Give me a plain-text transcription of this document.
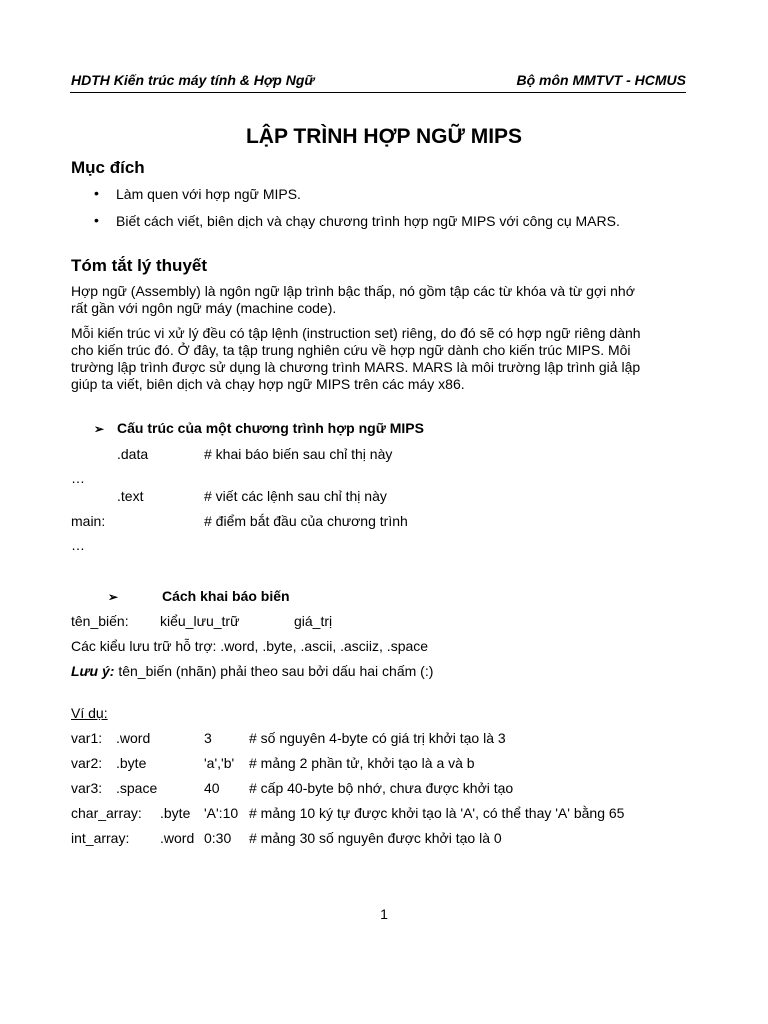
HDTH Kiến trúc máy tính & Hợp Ngữ	Bộ môn MMTVT - HCMUS
LẬP TRÌNH HỢP NGỮ MIPS
Mục đích
• Làm quen với hợp ngữ MIPS.
• Biết cách viết, biên dịch và chạy chương trình hợp ngữ MIPS với công cụ MARS.
Tóm tắt lý thuyết
Hợp ngữ (Assembly) là ngôn ngữ lập trình bậc thấp, nó gồm tập các từ khóa và từ gợi nhớ
rất gần với ngôn ngữ máy (machine code).
Mỗi kiến trúc vi xử lý đều có tập lệnh (instruction set) riêng, do đó sẽ có hợp ngữ riêng dành
cho kiến trúc đó. Ở đây, ta tập trung nghiên cứu về hợp ngữ dành cho kiến trúc MIPS. Môi
trường lập trình được sử dụng là chương trình MARS. MARS là môi trường lập trình giả lập
giúp ta viết, biên dịch và chạy hợp ngữ MIPS trên các máy x86.
➢ Cấu trúc của một chương trình hợp ngữ MIPS
.data	# khai báo biến sau chỉ thị này
…
.text	# viết các lệnh sau chỉ thị này
main:	# điểm bắt đầu của chương trình
…
➢	Cách khai báo biến
tên_biến: kiểu_lưu_trữ	giá_trị
Các kiểu lưu trữ hỗ trợ: .word, .byte, .ascii, .asciiz, .space
Lưu ý: tên_biến (nhãn) phải theo sau bởi dấu hai chấm (:)
Ví dụ:
var1: .word	3	# số nguyên 4-byte có giá trị khởi tạo là 3
var2: .byte	'a','b' # mảng 2 phần tử, khởi tạo là a và b
var3: .space	40 # cấp 40-byte bộ nhớ, chưa được khởi tạo
char_array: .byte 'A':10 # mảng 10 ký tự được khởi tạo là 'A', có thể thay 'A' bằng 65
int_array: .word 0:30 # mảng 30 số nguyên được khởi tạo là 0
1
